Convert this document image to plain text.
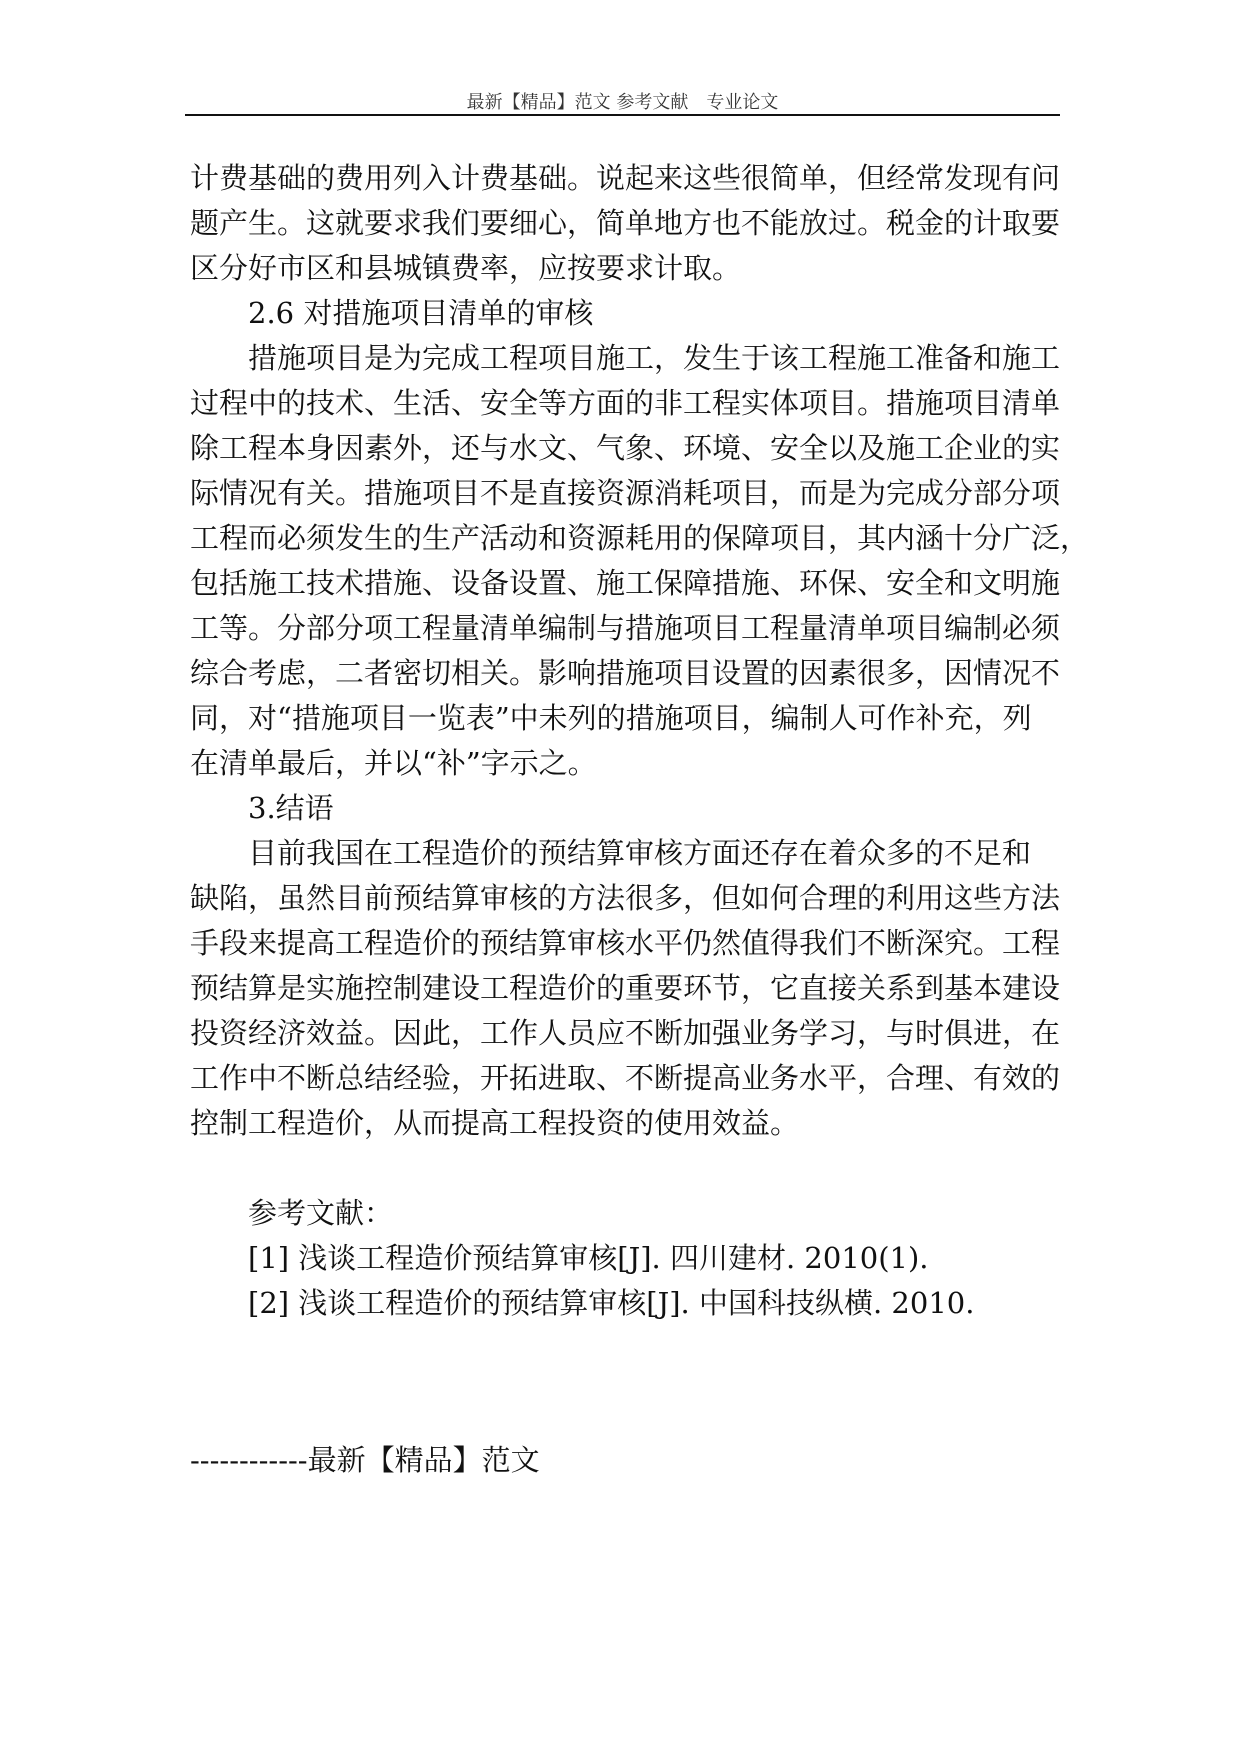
最新【精品】范文 参考文献　专业论文
计费基础的费用列入计费基础。说起来这些很简单，但经常发现有问
题产生。这就要求我们要细心，简单地方也不能放过。税金的计取要
区分好市区和县城镇费率，应按要求计取。
2.6 对措施项目清单的审核
措施项目是为完成工程项目施工，发生于该工程施工准备和施工
过程中的技术、生活、安全等方面的非工程实体项目。措施项目清单
除工程本身因素外，还与水文、气象、环境、安全以及施工企业的实
际情况有关。措施项目不是直接资源消耗项目，而是为完成分部分项
工程而必须发生的生产活动和资源耗用的保障项目，其内涵十分广泛，
包括施工技术措施、设备设置、施工保障措施、环保、安全和文明施
工等。分部分项工程量清单编制与措施项目工程量清单项目编制必须
综合考虑，二者密切相关。影响措施项目设置的因素很多，因情况不
同，对“措施项目一览表”中未列的措施项目，编制人可作补充，列
在清单最后，并以“补”字示之。
3.结语
目前我国在工程造价的预结算审核方面还存在着众多的不足和
缺陷，虽然目前预结算审核的方法很多，但如何合理的利用这些方法
手段来提高工程造价的预结算审核水平仍然值得我们不断深究。工程
预结算是实施控制建设工程造价的重要环节，它直接关系到基本建设
投资经济效益。因此，工作人员应不断加强业务学习，与时俱进，在
工作中不断总结经验，开拓进取、不断提高业务水平，合理、有效的
控制工程造价，从而提高工程投资的使用效益。
参考文献：
[1] 浅谈工程造价预结算审核[J]. 四川建材. 2010(1).
[2] 浅谈工程造价的预结算审核[J]. 中国科技纵横. 2010.
------------最新【精品】范文
